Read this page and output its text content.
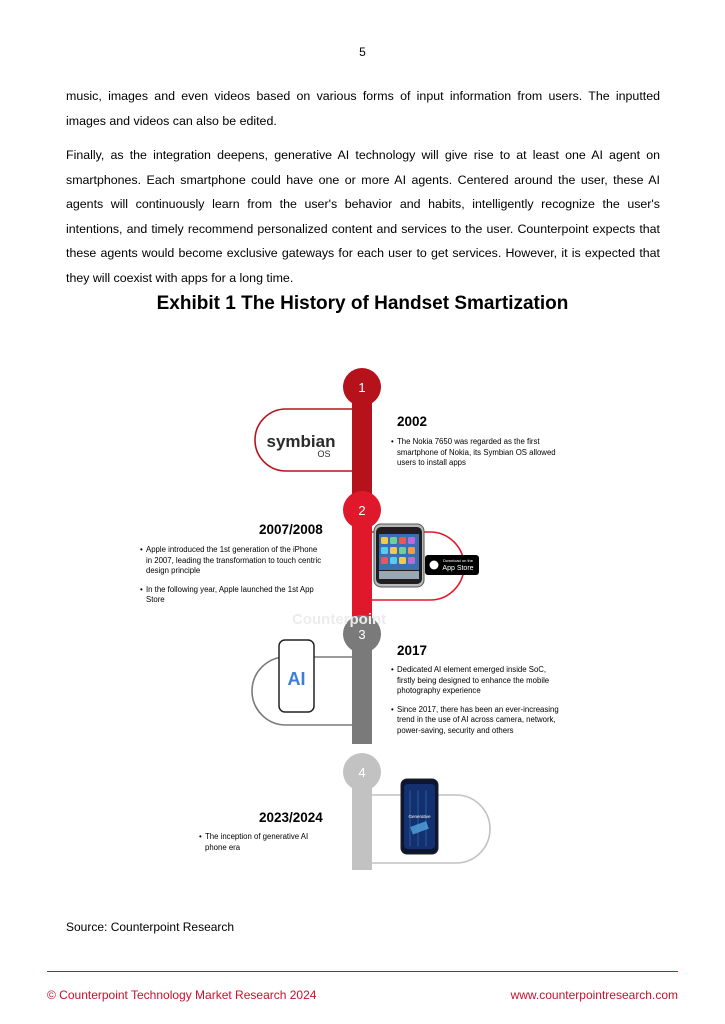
5

music, images and even videos based on various forms of input information from users. The inputted images and videos can also be edited.

Finally, as the integration deepens, generative AI technology will give rise to at least one AI agent on smartphones. Each smartphone could have one or more AI agents. Centered around the user, these AI agents will continuously learn from the user's behavior and habits, intelligently recognize the user's intentions, and timely recommend personalized content and services to the user. Counterpoint expects that these agents would become exclusive gateways for each user to get services. However, it is expected that they will coexist with apps for a long time.

Exhibit 1 The History of Handset Smartization
1
2
3
4
symbian
OS
Download on the
App Store
AI
Generative
Counterpoint
2002
• The Nokia 7650 was regarded as the first smartphone of Nokia, its Symbian OS allowed users to install apps
2007/2008
• Apple introduced the 1st generation of the iPhone in 2007, leading the transformation to touch centric design principle
• In the following year, Apple launched the 1st App Store
2017
• Dedicated AI element emerged inside SoC, firstly being designed to enhance the mobile photography experience
• Since 2017, there has been an ever-increasing trend in the use of AI across camera, network, power-saving, security and others
2023/2024
• The inception of generative AI phone era
Source: Counterpoint Research
© Counterpoint Technology Market Research 2024	www.counterpointresearch.com
